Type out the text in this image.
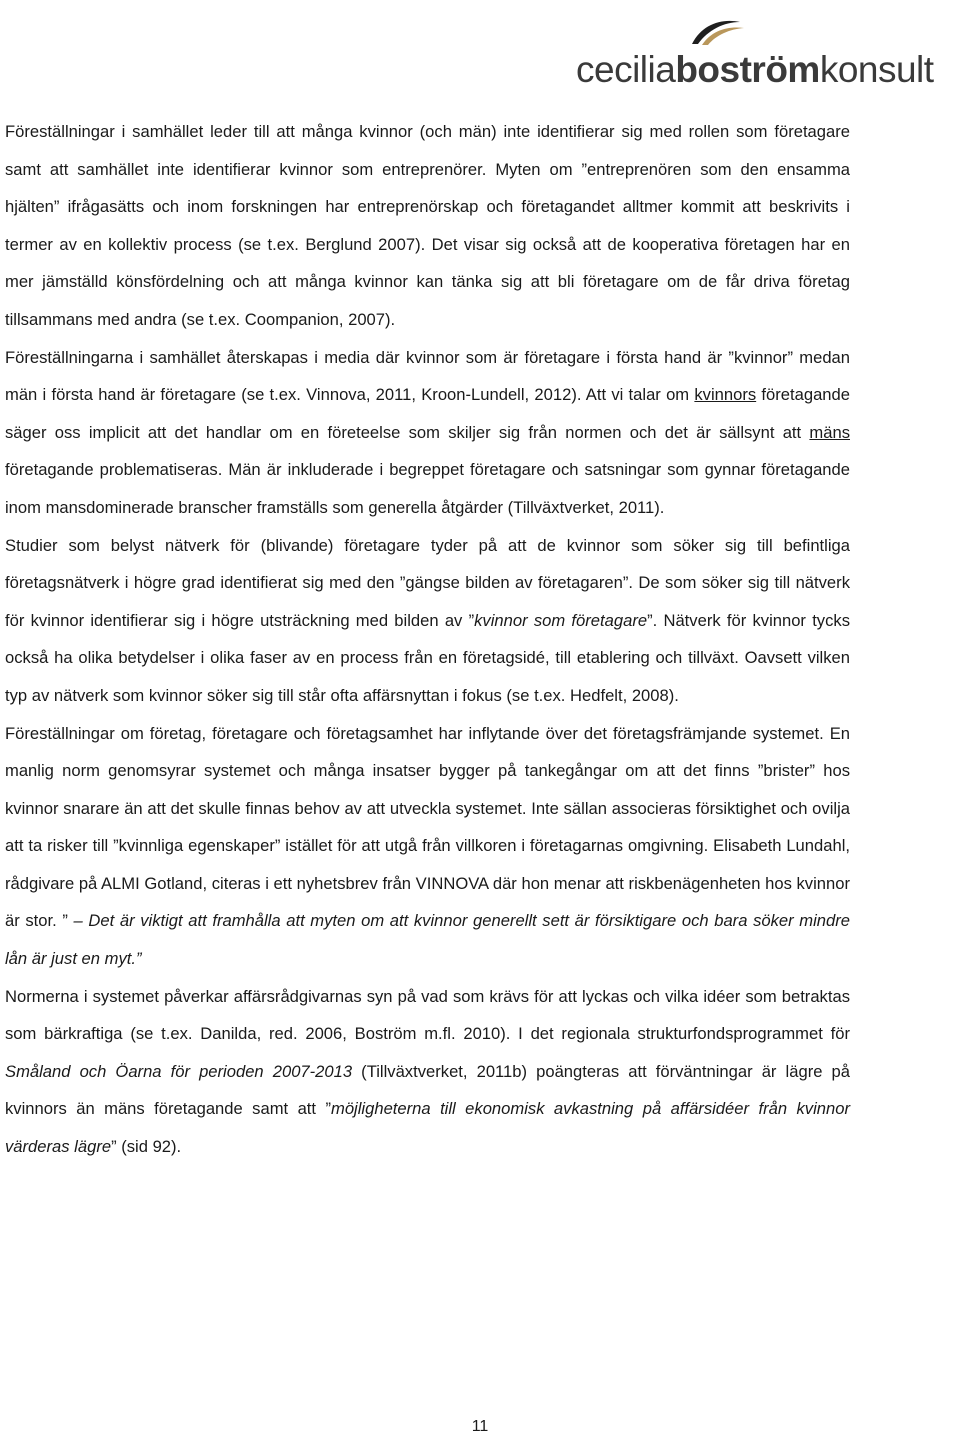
ceciliaboströmkonsult

Föreställningar i samhället leder till att många kvinnor (och män) inte identifierar sig med rollen som företagare samt att samhället inte identifierar kvinnor som entreprenörer. Myten om ”entreprenören som den ensamma hjälten” ifrågasätts och inom forskningen har entreprenörskap och företagandet alltmer kommit att beskrivits i termer av en kollektiv process (se t.ex. Berglund 2007). Det visar sig också att de kooperativa företagen har en mer jämställd könsfördelning och att många kvinnor kan tänka sig att bli företagare om de får driva företag tillsammans med andra (se t.ex. Coompanion, 2007).

Föreställningarna i samhället återskapas i media där kvinnor som är företagare i första hand är ”kvinnor” medan män i första hand är företagare (se t.ex. Vinnova, 2011, Kroon-Lundell, 2012). Att vi talar om kvinnors företagande säger oss implicit att det handlar om en företeelse som skiljer sig från normen och det är sällsynt att mäns företagande problematiseras. Män är inkluderade i begreppet företagare och satsningar som gynnar företagande inom mansdominerade branscher framställs som generella åtgärder (Tillväxtverket, 2011).

Studier som belyst nätverk för (blivande) företagare tyder på att de kvinnor som söker sig till befintliga företagsnätverk i högre grad identifierat sig med den ”gängse bilden av företagaren”. De som söker sig till nätverk för kvinnor identifierar sig i högre utsträckning med bilden av ”kvinnor som företagare”. Nätverk för kvinnor tycks också ha olika betydelser i olika faser av en process från en företagsidé, till etablering och tillväxt. Oavsett vilken typ av nätverk som kvinnor söker sig till står ofta affärsnyttan i fokus (se t.ex. Hedfelt, 2008).

Föreställningar om företag, företagare och företagsamhet har inflytande över det företagsfrämjande systemet. En manlig norm genomsyrar systemet och många insatser bygger på tankegångar om att det finns ”brister” hos kvinnor snarare än att det skulle finnas behov av att utveckla systemet. Inte sällan associeras försiktighet och ovilja att ta risker till ”kvinnliga egenskaper” istället för att utgå från villkoren i företagarnas omgivning. Elisabeth Lundahl, rådgivare på ALMI Gotland, citeras i ett nyhetsbrev från VINNOVA där hon menar att riskbenägenheten hos kvinnor är stor. ” – Det är viktigt att framhålla att myten om att kvinnor generellt sett är försiktigare och bara söker mindre lån är just en myt.”

Normerna i systemet påverkar affärsrådgivarnas syn på vad som krävs för att lyckas och vilka idéer som betraktas som bärkraftiga (se t.ex. Danilda, red. 2006, Boström m.fl. 2010). I det regionala strukturfondsprogrammet för Småland och Öarna för perioden 2007-2013 (Tillväxtverket, 2011b) poängteras att förväntningar är lägre på kvinnors än mäns företagande samt att ”möjligheterna till ekonomisk avkastning på affärsidéer från kvinnor värderas lägre” (sid 92).

11
